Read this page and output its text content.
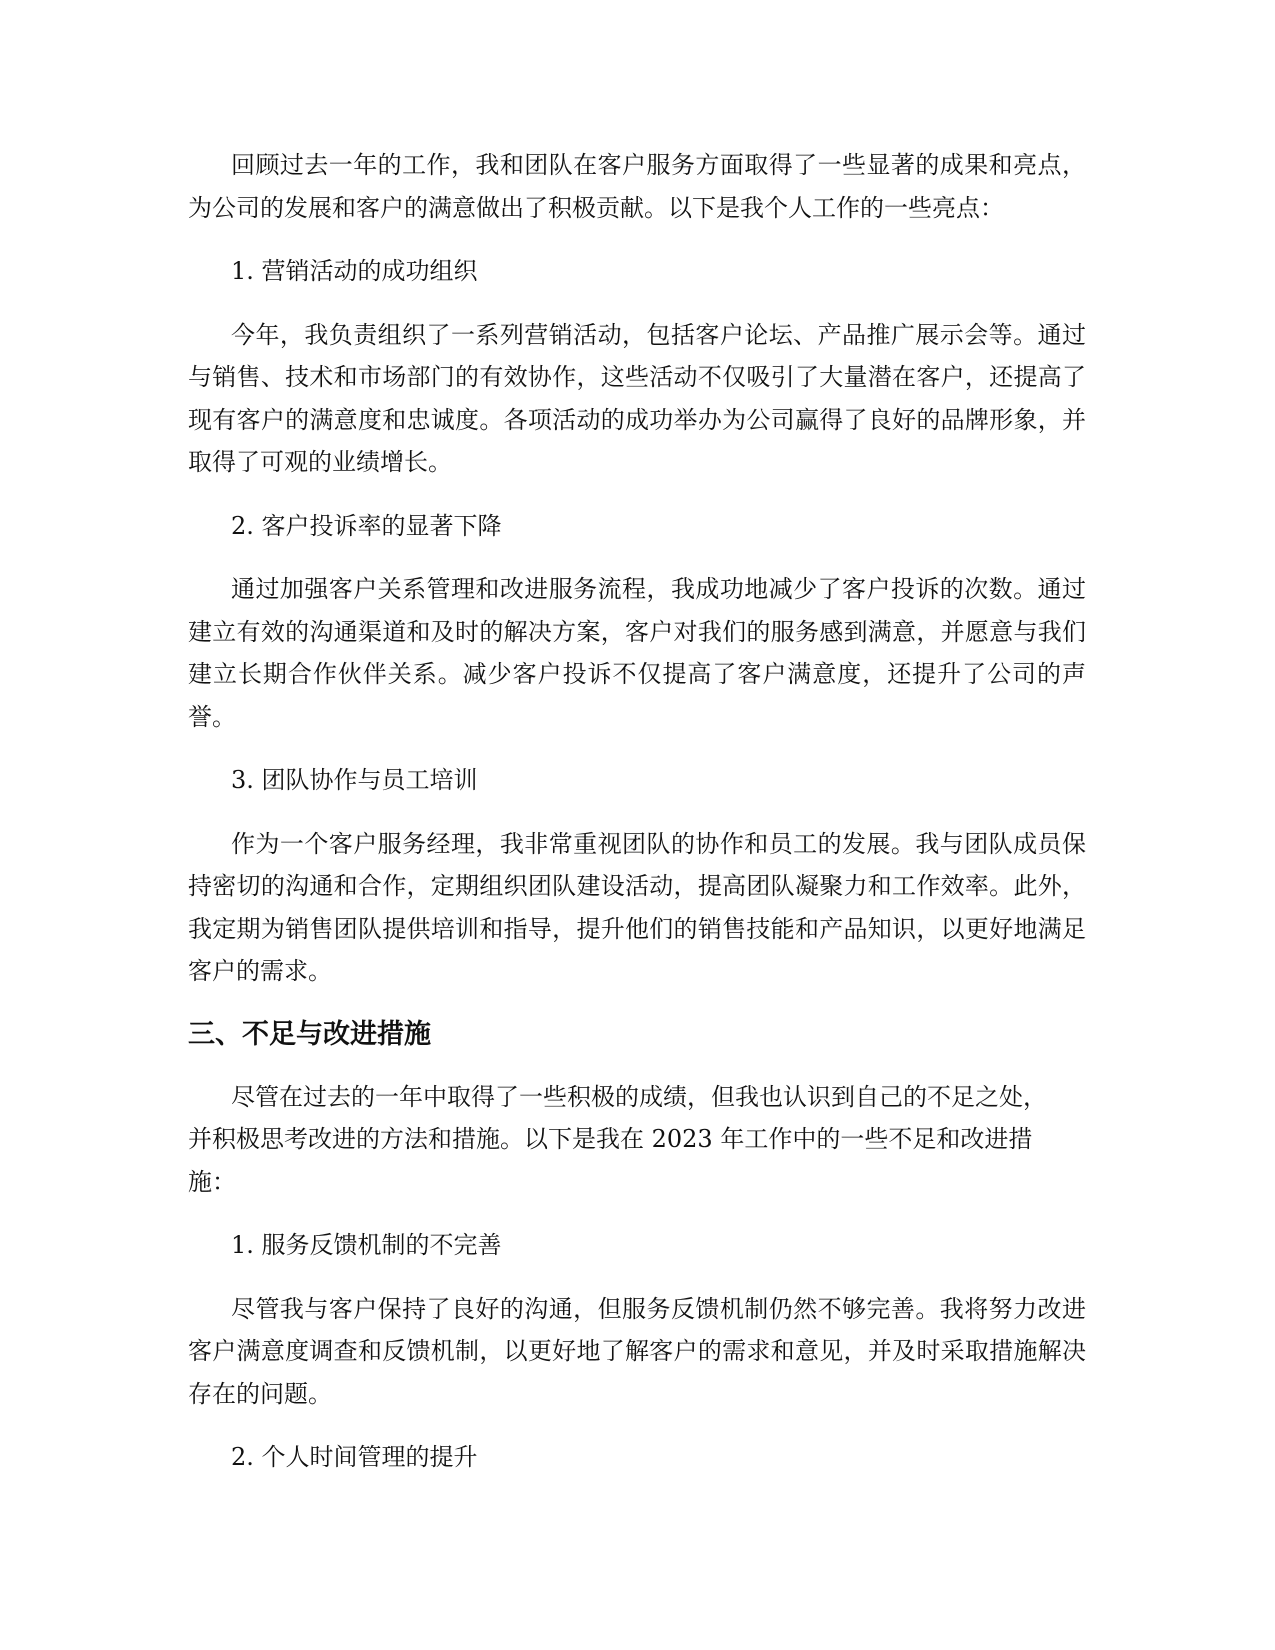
回顾过去一年的工作，我和团队在客户服务方面取得了一些显著的成果和亮点，为公司的发展和客户的满意做出了积极贡献。以下是我个人工作的一些亮点：

1. 营销活动的成功组织

今年，我负责组织了一系列营销活动，包括客户论坛、产品推广展示会等。通过与销售、技术和市场部门的有效协作，这些活动不仅吸引了大量潜在客户，还提高了现有客户的满意度和忠诚度。各项活动的成功举办为公司赢得了良好的品牌形象，并取得了可观的业绩增长。

2. 客户投诉率的显著下降

通过加强客户关系管理和改进服务流程，我成功地减少了客户投诉的次数。通过建立有效的沟通渠道和及时的解决方案，客户对我们的服务感到满意，并愿意与我们建立长期合作伙伴关系。减少客户投诉不仅提高了客户满意度，还提升了公司的声誉。

3. 团队协作与员工培训

作为一个客户服务经理，我非常重视团队的协作和员工的发展。我与团队成员保持密切的沟通和合作，定期组织团队建设活动，提高团队凝聚力和工作效率。此外，我定期为销售团队提供培训和指导，提升他们的销售技能和产品知识，以更好地满足客户的需求。

三、不足与改进措施

尽管在过去的一年中取得了一些积极的成绩，但我也认识到自己的不足之处，
并积极思考改进的方法和措施。以下是我在 2023 年工作中的一些不足和改进措
施：

1. 服务反馈机制的不完善

尽管我与客户保持了良好的沟通，但服务反馈机制仍然不够完善。我将努力改进客户满意度调查和反馈机制，以更好地了解客户的需求和意见，并及时采取措施解决存在的问题。

2. 个人时间管理的提升
